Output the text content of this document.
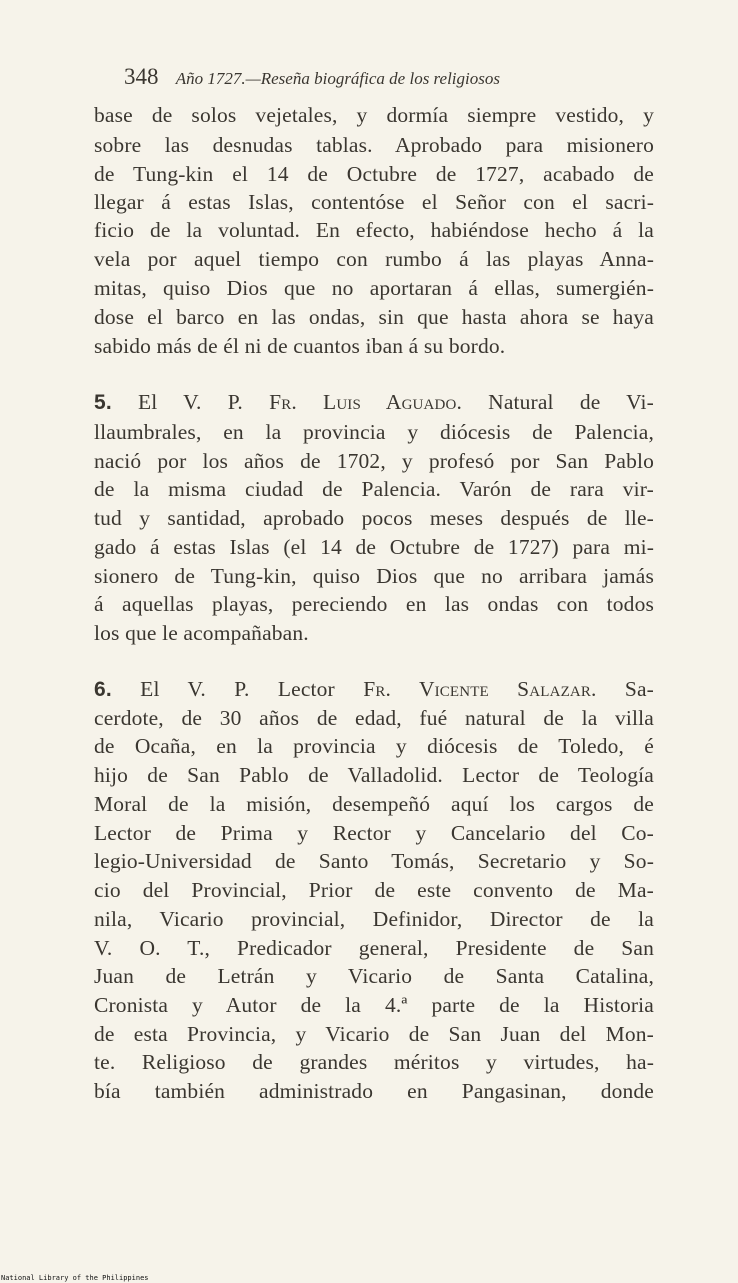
348 Año 1727.—Reseña biográfica de los religiosos
base de solos vejetales, y dormía siempre vestido, y
sobre las desnudas tablas. Aprobado para misionero
de Tung-kin el 14 de Octubre de 1727, acabado de
llegar á estas Islas, contentóse el Señor con el sacri-
ficio de la voluntad. En efecto, habiéndose hecho á la
vela por aquel tiempo con rumbo á las playas Anna-
mitas, quiso Dios que no aportaran á ellas, sumergién-
dose el barco en las ondas, sin que hasta ahora se haya
sabido más de él ni de cuantos iban á su bordo.
5. El V. P. Fr. Luis Aguado. Natural de Vi-
llaumbrales, en la provincia y diócesis de Palencia,
nació por los años de 1702, y profesó por San Pablo
de la misma ciudad de Palencia. Varón de rara vir-
tud y santidad, aprobado pocos meses después de lle-
gado á estas Islas (el 14 de Octubre de 1727) para mi-
sionero de Tung-kin, quiso Dios que no arribara jamás
á aquellas playas, pereciendo en las ondas con todos
los que le acompañaban.
6. El V. P. Lector Fr. Vicente Salazar. Sa-
cerdote, de 30 años de edad, fué natural de la villa
de Ocaña, en la provincia y diócesis de Toledo, é
hijo de San Pablo de Valladolid. Lector de Teología
Moral de la misión, desempeñó aquí los cargos de
Lector de Prima y Rector y Cancelario del Co-
legio-Universidad de Santo Tomás, Secretario y So-
cio del Provincial, Prior de este convento de Ma-
nila, Vicario provincial, Definidor, Director de la
V. O. T., Predicador general, Presidente de San
Juan de Letrán y Vicario de Santa Catalina,
Cronista y Autor de la 4.ª parte de la Historia
de esta Provincia, y Vicario de San Juan del Mon-
te. Religioso de grandes méritos y virtudes, ha-
bía también administrado en Pangasinan, donde
National Library of the Philippines
